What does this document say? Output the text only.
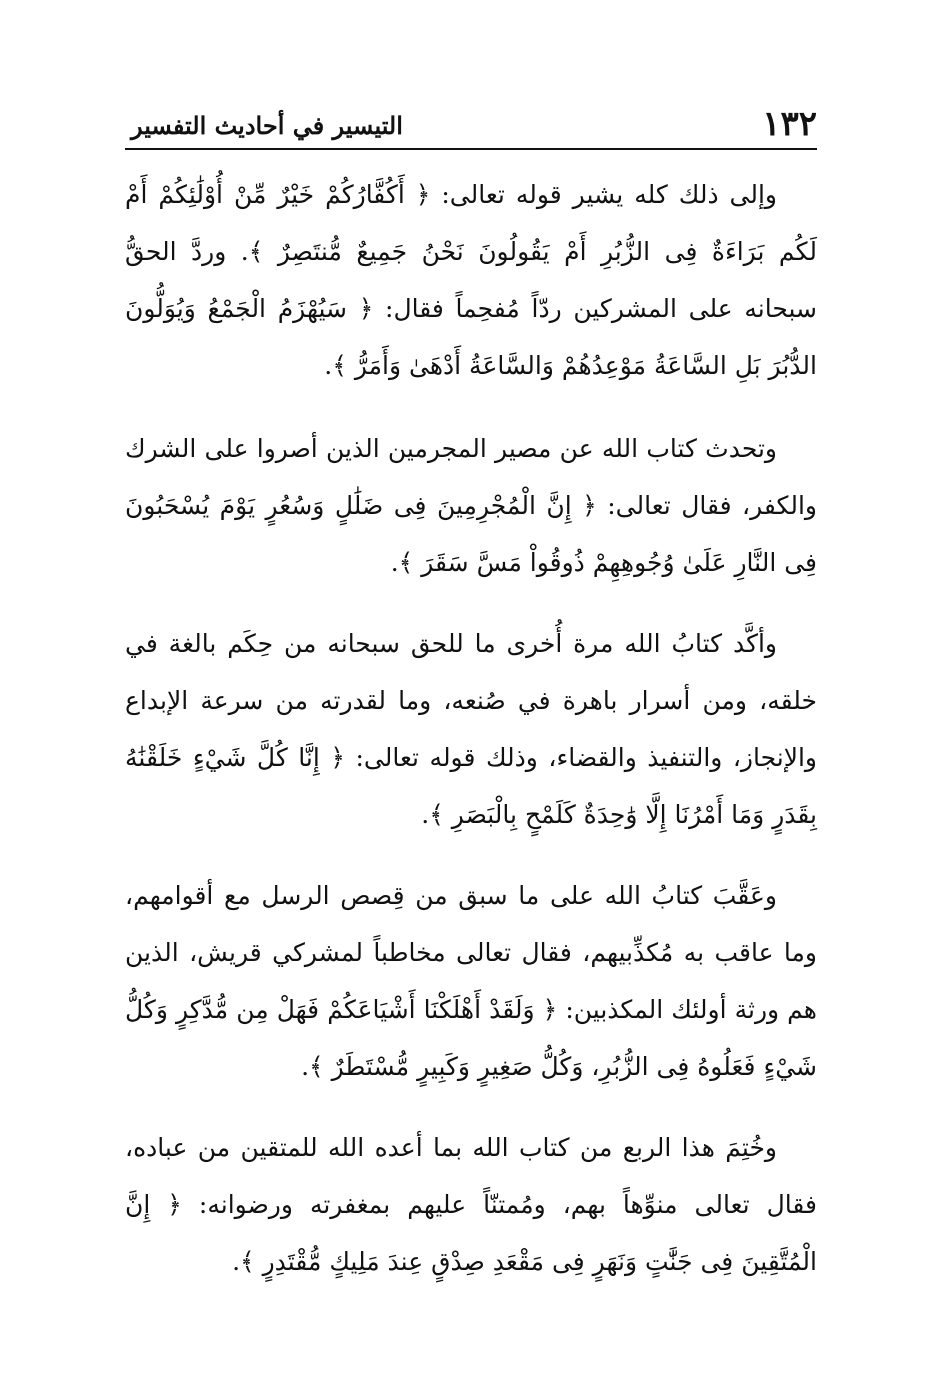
١٣٢
التيسير في أحاديث التفسير

وإلى ذلك كله يشير قوله تعالى: ﴿ أَكُفَّارُكُمْ خَيْرٌ مِّنْ أُوْلَٰئِكُمْ أَمْ لَكُم بَرَاءَةٌ فِى الزُّبُرِ أَمْ يَقُولُونَ نَحْنُ جَمِيعٌ مُّنتَصِرٌ ﴾. وردَّ الحقُّ سبحانه على المشركين ردّاً مُفحِماً فقال: ﴿ سَيُهْزَمُ الْجَمْعُ وَيُوَلُّونَ الدُّبُرَ بَلِ السَّاعَةُ مَوْعِدُهُمْ وَالسَّاعَةُ أَدْهَىٰ وَأَمَرُّ ﴾.

وتحدث كتاب الله عن مصير المجرمين الذين أصروا على الشرك والكفر، فقال تعالى: ﴿ إِنَّ الْمُجْرِمِينَ فِى ضَلَٰلٍ وَسُعُرٍ يَوْمَ يُسْحَبُونَ فِى النَّارِ عَلَىٰ وُجُوهِهِمْ ذُوقُواْ مَسَّ سَقَرَ ﴾.

وأكَّد كتابُ الله مرة أُخرى ما للحق سبحانه من حِكَم بالغة في خلقه، ومن أسرار باهرة في صُنعه، وما لقدرته من سرعة الإبداع والإنجاز، والتنفيذ والقضاء، وذلك قوله تعالى: ﴿ إِنَّا كُلَّ شَيْءٍ خَلَقْنَٰهُ بِقَدَرٍ وَمَا أَمْرُنَا إِلَّا وَٰحِدَةٌ كَلَمْحٍ بِالْبَصَرِ ﴾.

وعَقَّبَ كتابُ الله على ما سبق من قِصص الرسل مع أقوامهم، وما عاقب به مُكذِّبيهم، فقال تعالى مخاطباً لمشركي قريش، الذين هم ورثة أولئك المكذبين: ﴿ وَلَقَدْ أَهْلَكْنَا أَشْيَاعَكُمْ فَهَلْ مِن مُّدَّكِرٍ وَكُلُّ شَيْءٍ فَعَلُوهُ فِى الزُّبُرِ، وَكُلُّ صَغِيرٍ وَكَبِيرٍ مُّسْتَطَرٌ ﴾.

وخُتِمَ هذا الربع من كتاب الله بما أعده الله للمتقين من عباده، فقال تعالى منوِّهاً بهم، ومُمتنّاً عليهم بمغفرته ورضوانه: ﴿ إِنَّ الْمُتَّقِينَ فِى جَنَّٰتٍ وَنَهَرٍ فِى مَقْعَدِ صِدْقٍ عِندَ مَلِيكٍ مُّقْتَدِرٍ ﴾.
